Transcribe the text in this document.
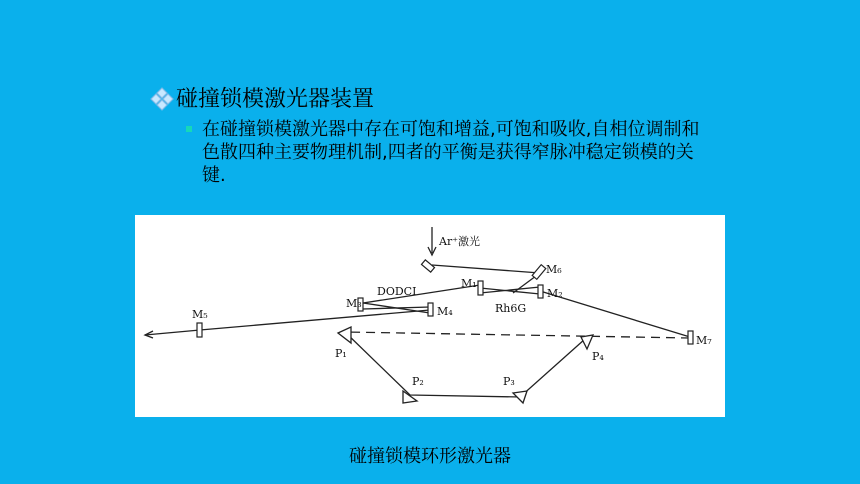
碰撞锁模激光器装置
在碰撞锁模激光器中存在可饱和增益,可饱和吸收,自相位调制和色散四种主要物理机制,四者的平衡是获得窄脉冲稳定锁模的关键.
Ar⁺激光
M₆
M₁
M₂
M₃
M₄
M₅
M₇
DODCI
Rh6G
P₁
P₂	P₃
P₄
碰撞锁模环形激光器
